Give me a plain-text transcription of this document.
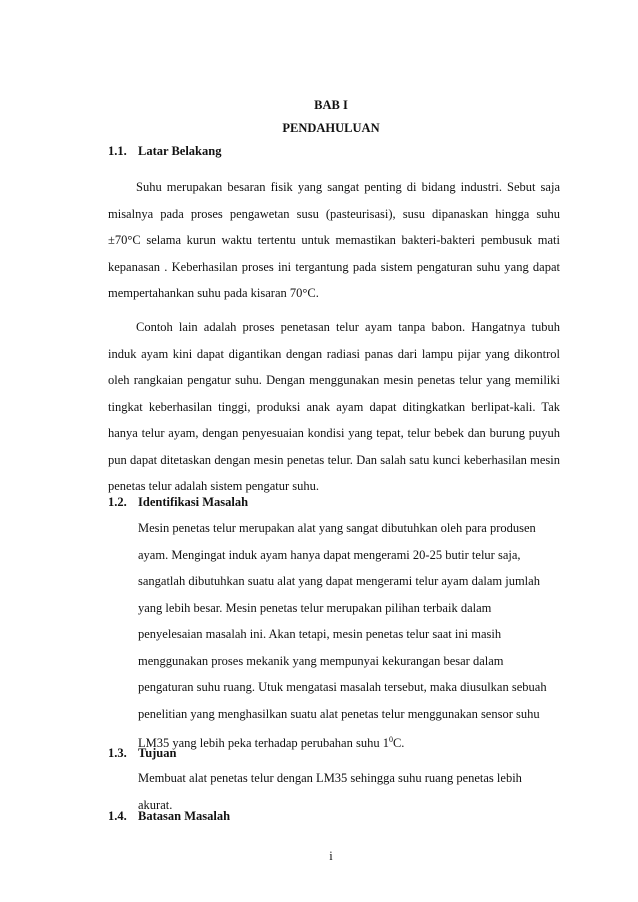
BAB I
PENDAHULUAN
1.1. Latar Belakang
Suhu merupakan besaran fisik yang sangat penting di bidang industri. Sebut saja misalnya pada proses pengawetan susu (pasteurisasi), susu dipanaskan hingga suhu ±70°C selama kurun waktu tertentu untuk memastikan bakteri-bakteri pembusuk mati kepanasan . Keberhasilan proses ini tergantung pada sistem pengaturan suhu yang dapat mempertahankan suhu pada kisaran 70°C.
Contoh lain adalah proses penetasan telur ayam tanpa babon. Hangatnya tubuh induk ayam kini dapat digantikan dengan radiasi panas dari lampu pijar yang dikontrol oleh rangkaian pengatur suhu. Dengan menggunakan mesin penetas telur yang memiliki tingkat keberhasilan tinggi, produksi anak ayam dapat ditingkatkan berlipat-kali. Tak hanya telur ayam, dengan penyesuaian kondisi yang tepat, telur bebek dan burung puyuh pun dapat ditetaskan dengan mesin penetas telur. Dan salah satu kunci keberhasilan mesin penetas telur adalah sistem pengatur suhu.
1.2. Identifikasi Masalah
Mesin penetas telur merupakan alat yang sangat dibutuhkan oleh para produsen
ayam. Mengingat induk ayam hanya dapat mengerami 20-25 butir telur saja,
sangatlah dibutuhkan suatu alat yang dapat mengerami telur ayam dalam jumlah
yang lebih besar. Mesin penetas telur merupakan pilihan terbaik dalam
penyelesaian masalah ini. Akan tetapi, mesin penetas telur saat ini masih
menggunakan proses mekanik yang mempunyai kekurangan besar dalam
pengaturan suhu ruang. Utuk mengatasi masalah tersebut, maka diusulkan sebuah
penelitian yang menghasilkan suatu alat penetas telur menggunakan sensor suhu
LM35 yang lebih peka terhadap perubahan suhu $1^0C$.
1.3. Tujuan
Membuat alat penetas telur dengan LM35 sehingga suhu ruang penetas lebih
akurat.
1.4. Batasan Masalah
i
